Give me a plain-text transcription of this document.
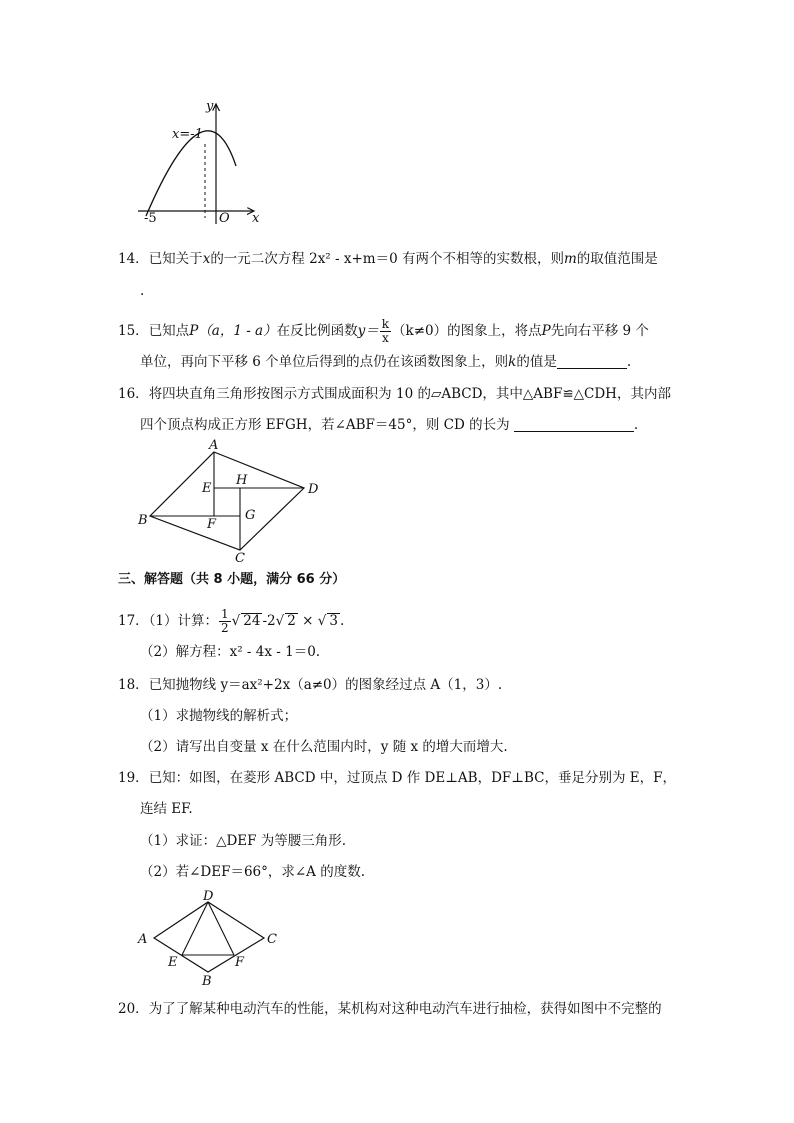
y
x
x=-1
-5	O
14．已知关于x的一元二次方程 2x² - x+m＝0 有两个不相等的实数根，则m的取值范围是
.
15．已知点P（a，1 - a）在反比例函数$y= \frac{k}{x} (k\ne 0)$的图象上，将点P先向右平移 9 个
单位，再向下平移 6 个单位后得到的点仍在该函数图象上，则k的值是	.
16．将四块直角三角形按图示方式围成面积为 10 的▱ABCD，其中△ABF≌△CDH，其内部
四个顶点构成正方形 EFGH，若∠ABF＝45°，则 CD 的长为	.
A
B
C
D
E
F
G
H
三、解答题（共 8 小题，满分 66 分）
17．（1）计算： $\frac{1}{2}$ √ 24 -2√ 2 × √ 3 .
（2）解方程：x² - 4x - 1＝0.
18．已知抛物线 y＝ax²+2x（a≠0）的图象经过点 A（1，3）.
（1）求抛物线的解析式；
（2）请写出自变量 x 在什么范围内时，y 随 x 的增大而增大.
19．已知：如图，在菱形 ABCD 中，过顶点 D 作 DE⊥AB，DF⊥BC，垂足分别为 E，F，
连结 EF.
（1）求证：△DEF 为等腰三角形.
（2）若∠DEF＝66°，求∠A 的度数.
A
B
C
D
E	F
20．为了了解某种电动汽车的性能，某机构对这种电动汽车进行抽检，获得如图中不完整的
